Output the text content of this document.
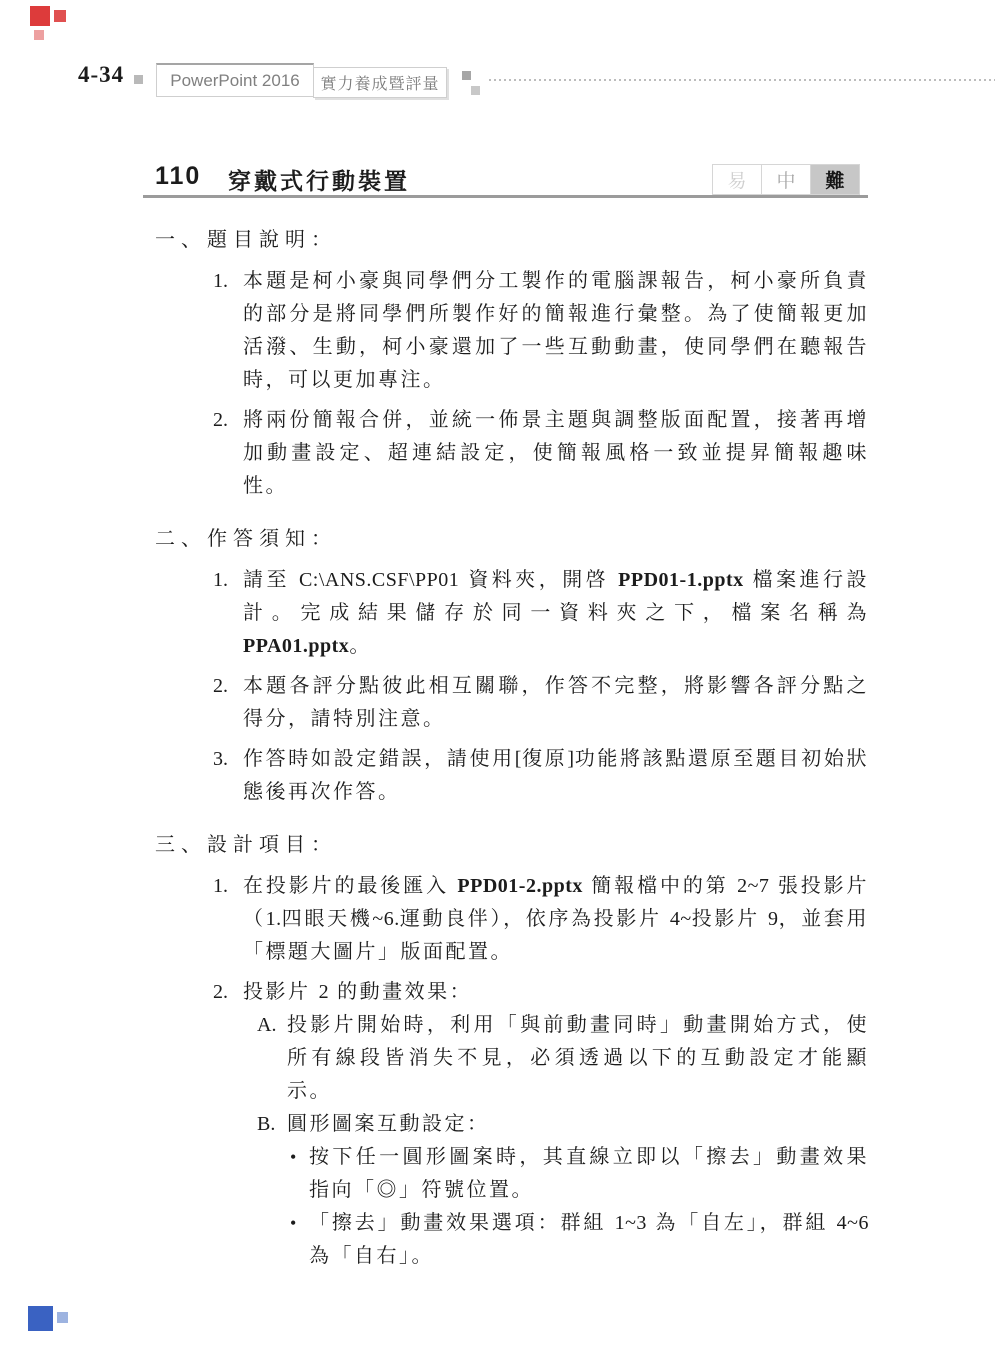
4-34	PowerPoint 2016 實力養成暨評量
110 穿戴式行動裝置	易	中	難
一、題目說明：
1. 本題是柯小豪與同學們分工製作的電腦課報告，柯小豪所負責的部分是將同學們所製作好的簡報進行彙整。為了使簡報更加活潑、生動，柯小豪還加了一些互動動畫，使同學們在聽報告時，可以更加專注。
2. 將兩份簡報合併，並統一佈景主題與調整版面配置，接著再增加動畫設定、超連結設定，使簡報風格一致並提昇簡報趣味性。
二、作答須知：
1. 請至 C:\ANS.CSF\PP01 資料夾，開啓 PPD01-1.pptx 檔案進行設計。完成結果儲存於同一資料夾之下，檔案名稱為 PPA01.pptx。
2. 本題各評分點彼此相互關聯，作答不完整，將影響各評分點之得分，請特別注意。
3. 作答時如設定錯誤，請使用[復原]功能將該點還原至題目初始狀態後再次作答。
三、設計項目：
1. 在投影片的最後匯入 PPD01-2.pptx 簡報檔中的第 2~7 張投影片（1.四眼天機~6.運動良伴），依序為投影片 4~投影片 9，並套用「標題大圖片」版面配置。
2. 投影片 2 的動畫效果：
A. 投影片開始時，利用「與前動畫同時」動畫開始方式，使所有線段皆消失不見，必須透過以下的互動設定才能顯示。
B. 圓形圖案互動設定：
• 按下任一圓形圖案時，其直線立即以「擦去」動畫效果指向「◎」符號位置。
• 「擦去」動畫效果選項：群組 1~3 為「自左」，群組 4~6 為「自右」。
